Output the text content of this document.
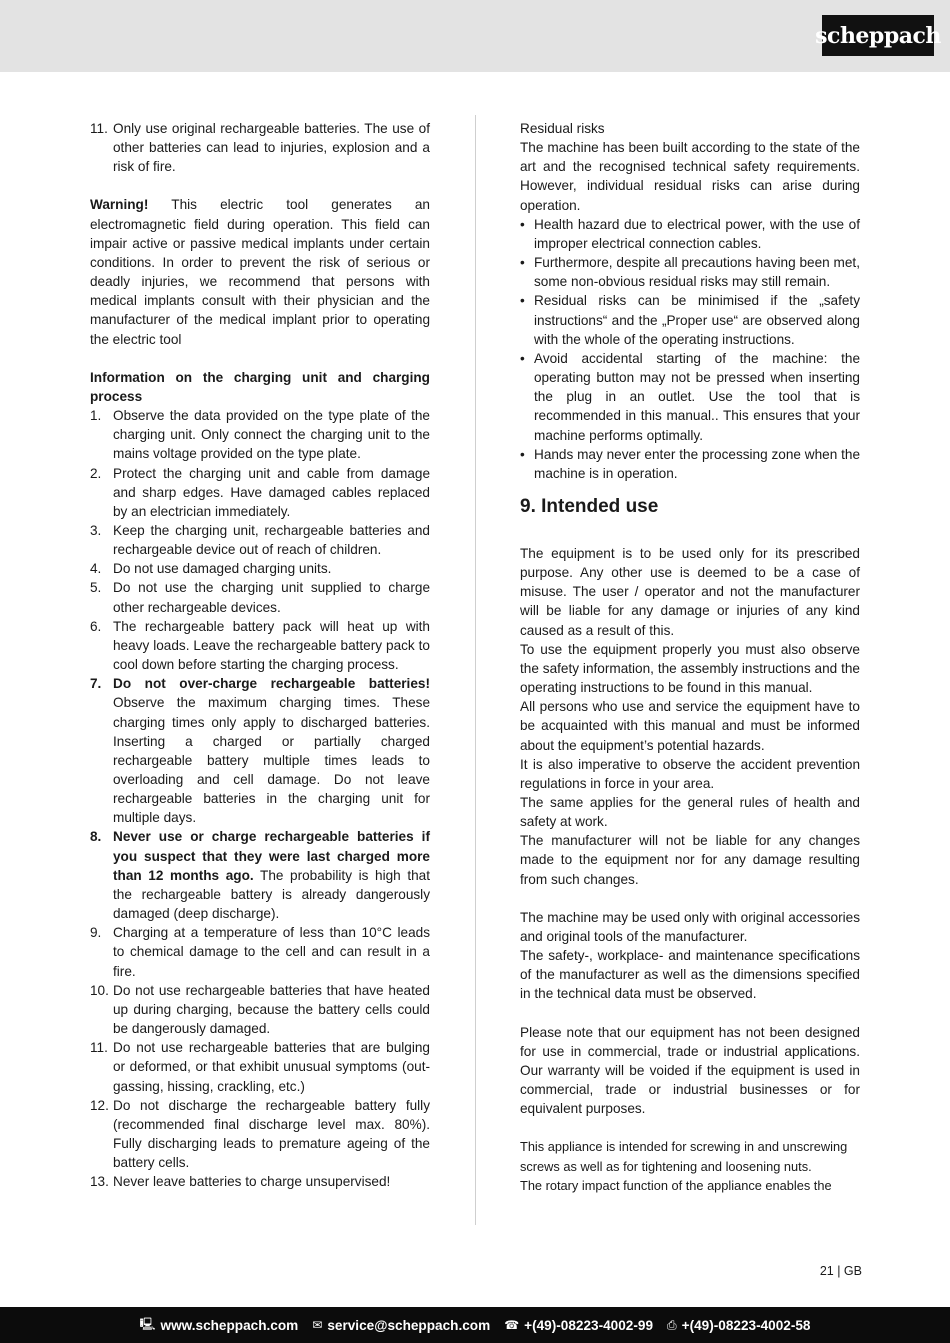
scheppach
11. Only use original rechargeable batteries. The use of other batteries can lead to injuries, explosion and a risk of fire.

Warning! This electric tool generates an electromagnetic field during operation. This field can impair active or passive medical implants under certain conditions. In order to prevent the risk of serious or deadly injuries, we recommend that persons with medical implants consult with their physician and the manufacturer of the medical implant prior to operating the electric tool

Information on the charging unit and charging process

1. Observe the data provided on the type plate of the charging unit. Only connect the charging unit to the mains voltage provided on the type plate.
2. Protect the charging unit and cable from damage and sharp edges. Have damaged cables replaced by an electrician immediately.
3. Keep the charging unit, rechargeable batteries and rechargeable device out of reach of children.
4. Do not use damaged charging units.
5. Do not use the charging unit supplied to charge other rechargeable devices.
6. The rechargeable battery pack will heat up with heavy loads. Leave the rechargeable battery pack to cool down before starting the charging process.
7. Do not over-charge rechargeable batteries! Observe the maximum charging times. These charging times only apply to discharged batteries. Inserting a charged or partially charged rechargeable battery multiple times leads to overloading and cell damage. Do not leave rechargeable batteries in the charging unit for multiple days.
8. Never use or charge rechargeable batteries if you suspect that they were last charged more than 12 months ago. The probability is high that the rechargeable battery is already dangerously damaged (deep discharge).
9. Charging at a temperature of less than 10°C leads to chemical damage to the cell and can result in a fire.
10. Do not use rechargeable batteries that have heated up during charging, because the battery cells could be dangerously damaged.
11. Do not use rechargeable batteries that are bulging or deformed, or that exhibit unusual symptoms (out-gassing, hissing, crackling, etc.)
12. Do not discharge the rechargeable battery fully (recommended final discharge level max. 80%). Fully discharging leads to premature ageing of the battery cells.
13. Never leave batteries to charge unsupervised!

Residual risks

The machine has been built according to the state of the art and the recognised technical safety requirements. However, individual residual risks can arise during operation.

• Health hazard due to electrical power, with the use of improper electrical connection cables.
• Furthermore, despite all precautions having been met, some non-obvious residual risks may still remain.
• Residual risks can be minimised if the „safety instructions“ and the „Proper use“ are observed along with the whole of the operating instructions.
• Avoid accidental starting of the machine: the operating button may not be pressed when inserting the plug in an outlet. Use the tool that is recommended in this manual.. This ensures that your machine performs optimally.
• Hands may never enter the processing zone when the machine is in operation.
9. Intended use

The equipment is to be used only for its prescribed purpose. Any other use is deemed to be a case of misuse. The user / operator and not the manufacturer will be liable for any damage or injuries of any kind caused as a result of this.

To use the equipment properly you must also observe the safety information, the assembly instructions and the operating instructions to be found in this manual.

All persons who use and service the equipment have to be acquainted with this manual and must be informed about the equipment’s potential hazards.

It is also imperative to observe the accident prevention regulations in force in your area.

The same applies for the general rules of health and safety at work.

The manufacturer will not be liable for any changes made to the equipment nor for any damage resulting from such changes.

The machine may be used only with original accessories and original tools of the manufacturer.

The safety-, workplace- and maintenance specifications of the manufacturer as well as the dimensions specified in the technical data must be observed.

Please note that our equipment has not been designed for use in commercial, trade or industrial applications. Our warranty will be voided if the equipment is used in commercial, trade or industrial businesses or for equivalent purposes.

This appliance is intended for screwing in and unscrewing screws as well as for tightening and loosening nuts.

The rotary impact function of the appliance enables the

21 | GB
🖳 www.scheppach.com ✉ service@scheppach.com ☎ +(49)-08223-4002-99 ⎙ +(49)-08223-4002-58
